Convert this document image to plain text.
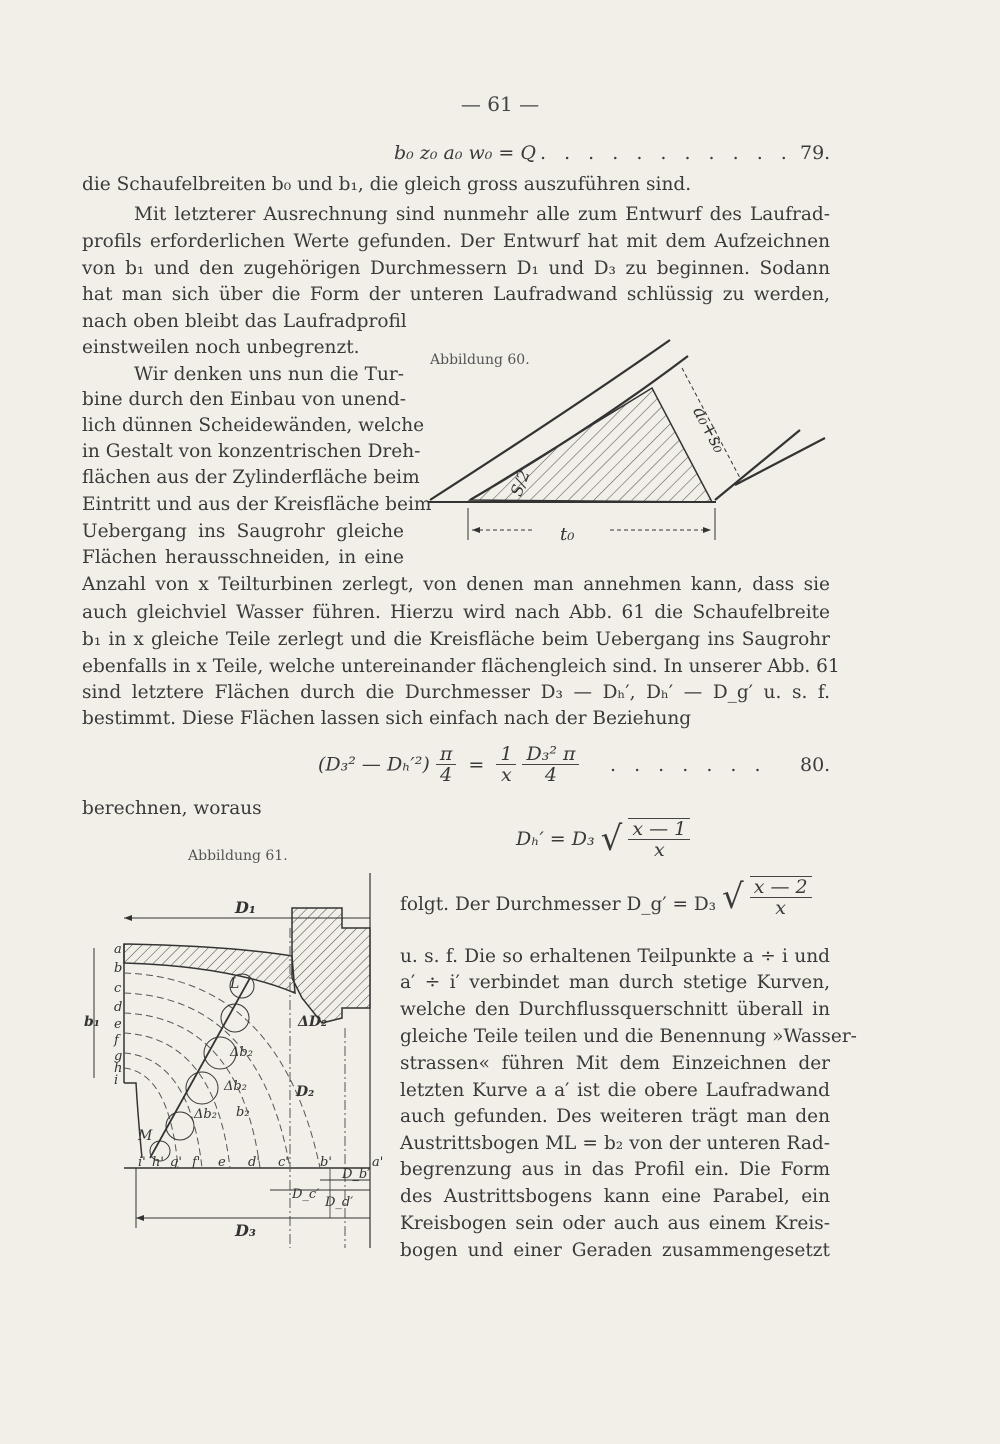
— 61 —
b₀ z₀ a₀ w₀ = Q . . . . . . . . . . . 79.
die Schaufelbreiten b₀ und b₁, die gleich gross auszuführen sind.
Mit letzterer Ausrechnung sind nunmehr alle zum Entwurf des Laufrad-
profils erforderlichen Werte gefunden. Der Entwurf hat mit dem Aufzeichnen
von b₁ und den zugehörigen Durchmessern D₁ und D₃ zu beginnen. Sodann
hat man sich über die Form der unteren Laufradwand schlüssig zu werden,
nach oben bleibt das Laufradprofil
einstweilen noch unbegrenzt.
Wir denken uns nun die Tur-
bine durch den Einbau von unend-
lich dünnen Scheidewänden, welche
in Gestalt von konzentrischen Dreh-
flächen aus der Zylinderfläche beim
Eintritt und aus der Kreisfläche beim
Uebergang ins Saugrohr gleiche
Flächen herausschneiden, in eine
Abbildung 60.
a₀+s₀
S/2
t₀
Anzahl von x Teilturbinen zerlegt, von denen man annehmen kann, dass sie
auch gleichviel Wasser führen. Hierzu wird nach Abb. 61 die Schaufelbreite
b₁ in x gleiche Teile zerlegt und die Kreisfläche beim Uebergang ins Saugrohr
ebenfalls in x Teile, welche untereinander flächengleich sind. In unserer Abb. 61
sind letztere Flächen durch die Durchmesser D₃ — Dₕ′, Dₕ′ — D_g′ u. s. f.
bestimmt. Diese Flächen lassen sich einfach nach der Beziehung
(D₃² — $D_h'^2) \frac{\pi}{4} = \frac{1}{x}$
$\frac{\text{D₃² π}}{4}$ . . . . . . . 80.
berechnen, woraus
Dₕ′ = D₃ √ $\frac{x — 1}{x}$
Abbildung 61.
folgt. Der Durchmesser D_g′ = D₃ √ $\frac{x — 2}{x}$
u. s. f. Die so erhaltenen Teilpunkte a ÷ i und
a′ ÷ i′ verbindet man durch stetige Kurven,
welche den Durchflussquerschnitt überall in
gleiche Teile teilen und die Benennung »Wasser-
strassen« führen Mit dem Einzeichnen der
letzten Kurve a a′ ist die obere Laufradwand
auch gefunden. Des weiteren trägt man den
Austrittsbogen ML = b₂ von der unteren Rad-
begrenzung aus in das Profil ein. Die Form
des Austrittsbogens kann eine Parabel, ein
Kreisbogen sein oder auch aus einem Kreis-
bogen und einer Geraden zusammengesetzt
D₁
b₁
a
b
c
d
e
f
g
h
i
i' h' g' f' e d' c' b'	a'
ΔD₂
D₂
Δb₂
Δb₂
Δb₂ b₂
L
M
D_b′
D_c′
D_d′
D₃
